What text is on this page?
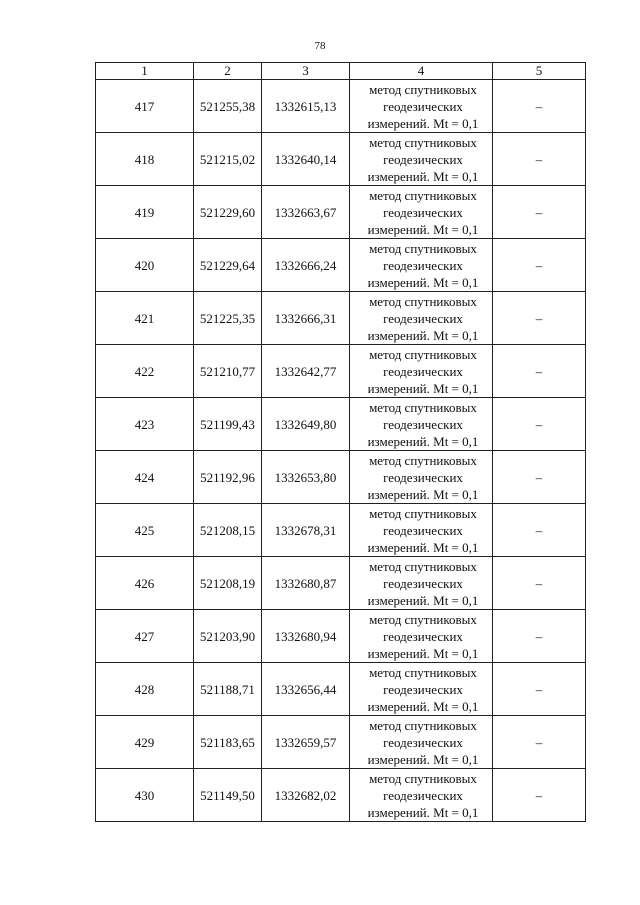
78
1	2	3	4	5
417	521255,38	1332615,13	метод спутниковых
геодезических
измерений. Mt = 0,1	–
418	521215,02	1332640,14	метод спутниковых
геодезических
измерений. Mt = 0,1	–
419	521229,60	1332663,67	метод спутниковых
геодезических
измерений. Mt = 0,1	–
420	521229,64	1332666,24	метод спутниковых
геодезических
измерений. Mt = 0,1	–
421	521225,35	1332666,31	метод спутниковых
геодезических
измерений. Mt = 0,1	–
422	521210,77	1332642,77	метод спутниковых
геодезических
измерений. Mt = 0,1	–
423	521199,43	1332649,80	метод спутниковых
геодезических
измерений. Mt = 0,1	–
424	521192,96	1332653,80	метод спутниковых
геодезических
измерений. Mt = 0,1	–
425	521208,15	1332678,31	метод спутниковых
геодезических
измерений. Mt = 0,1	–
426	521208,19	1332680,87	метод спутниковых
геодезических
измерений. Mt = 0,1	–
427	521203,90	1332680,94	метод спутниковых
геодезических
измерений. Mt = 0,1	–
428	521188,71	1332656,44	метод спутниковых
геодезических
измерений. Mt = 0,1	–
429	521183,65	1332659,57	метод спутниковых
геодезических
измерений. Mt = 0,1	–
430	521149,50	1332682,02	метод спутниковых
геодезических
измерений. Mt = 0,1	–
